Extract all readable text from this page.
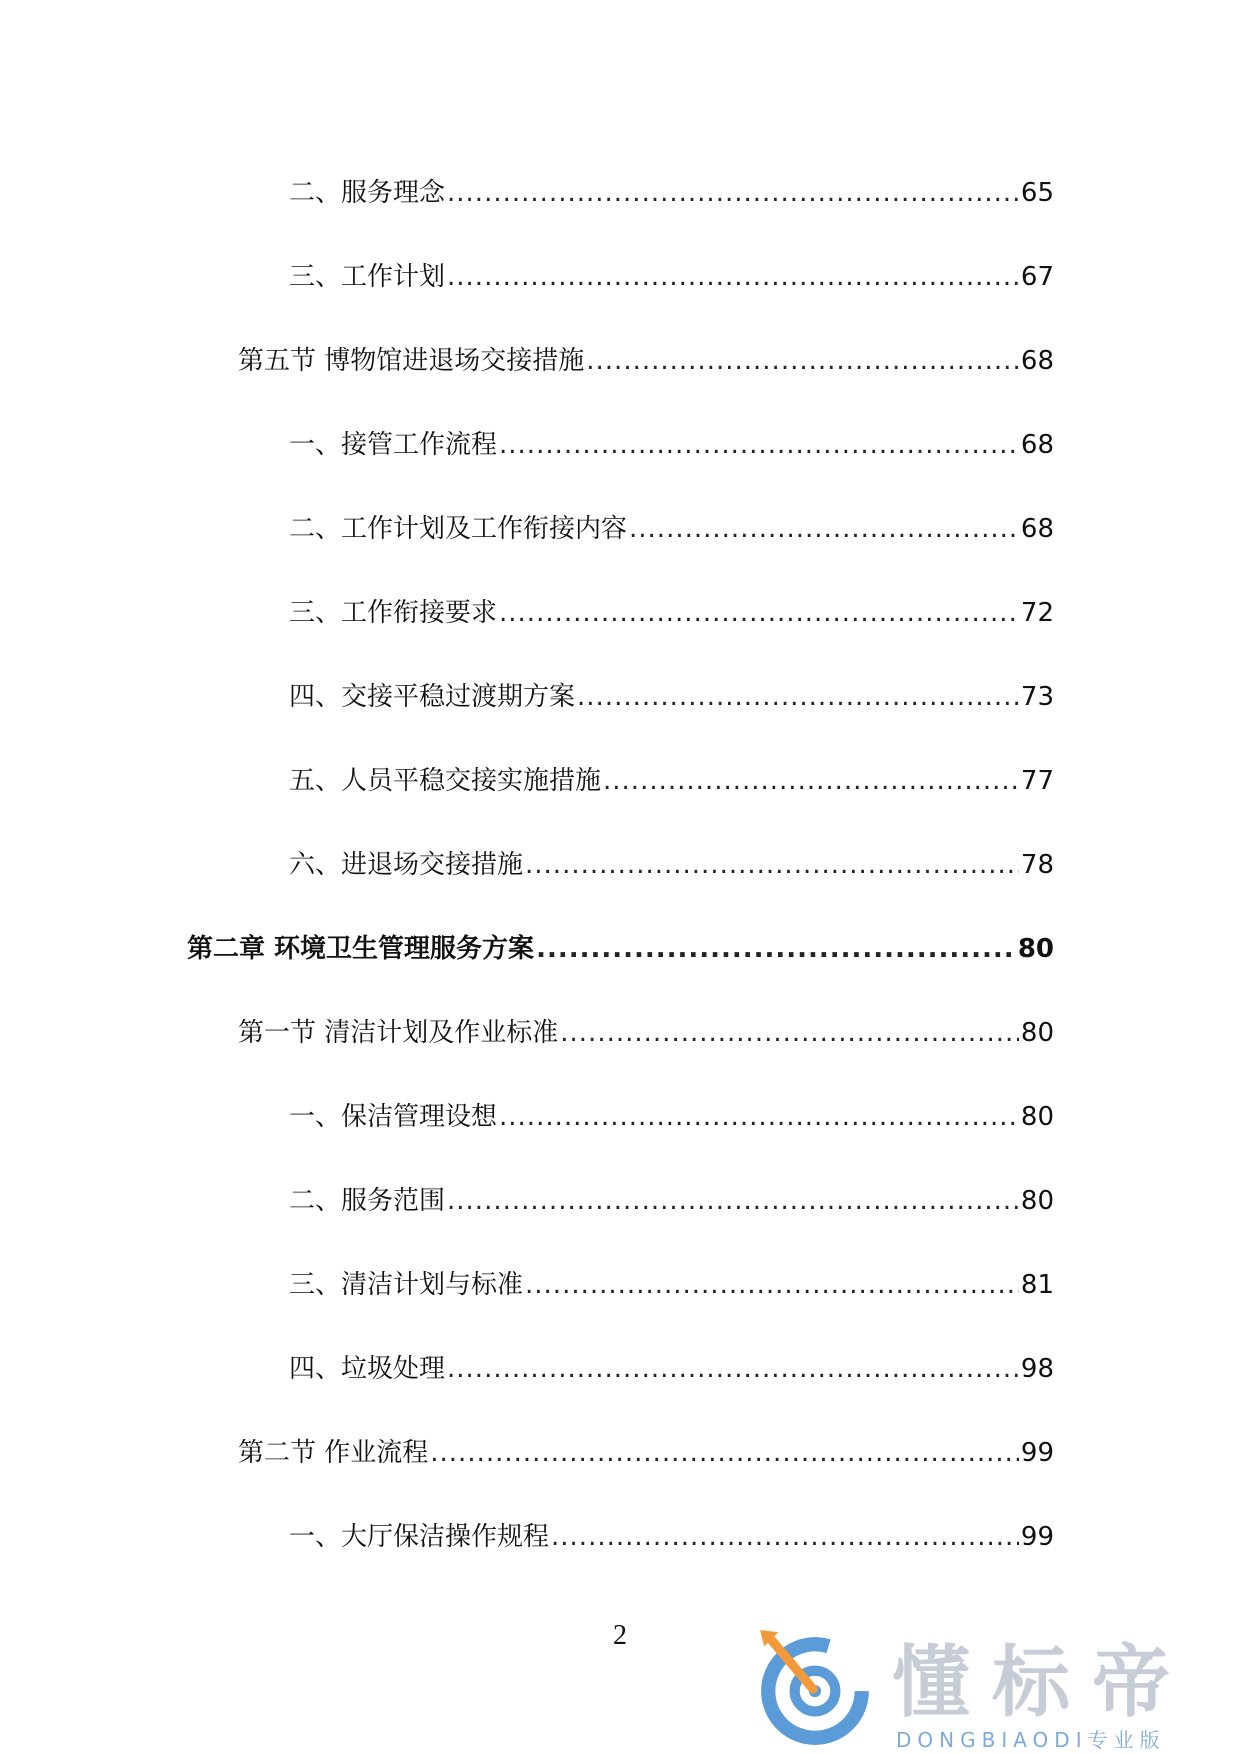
二、服务理念 .....	65
三、工作计划 .....	67
第五节 博物馆进退场交接措施 .....	68
一、接管工作流程 .....	68
二、工作计划及工作衔接内容 .....	68
三、工作衔接要求 .....	72
四、交接平稳过渡期方案 .....	73
五、人员平稳交接实施措施 .....	77
六、进退场交接措施 .....	78
第二章 环境卫生管理服务方案 .....	80
第一节 清洁计划及作业标准 .....	80
一、保洁管理设想 .....	80
二、服务范围 .....	80
三、清洁计划与标准 .....	81
四、垃圾处理 .....	98
第二节 作业流程 .....	99
一、大厅保洁操作规程 .....	99
2
懂标帝
DONGBIAODI专业版
